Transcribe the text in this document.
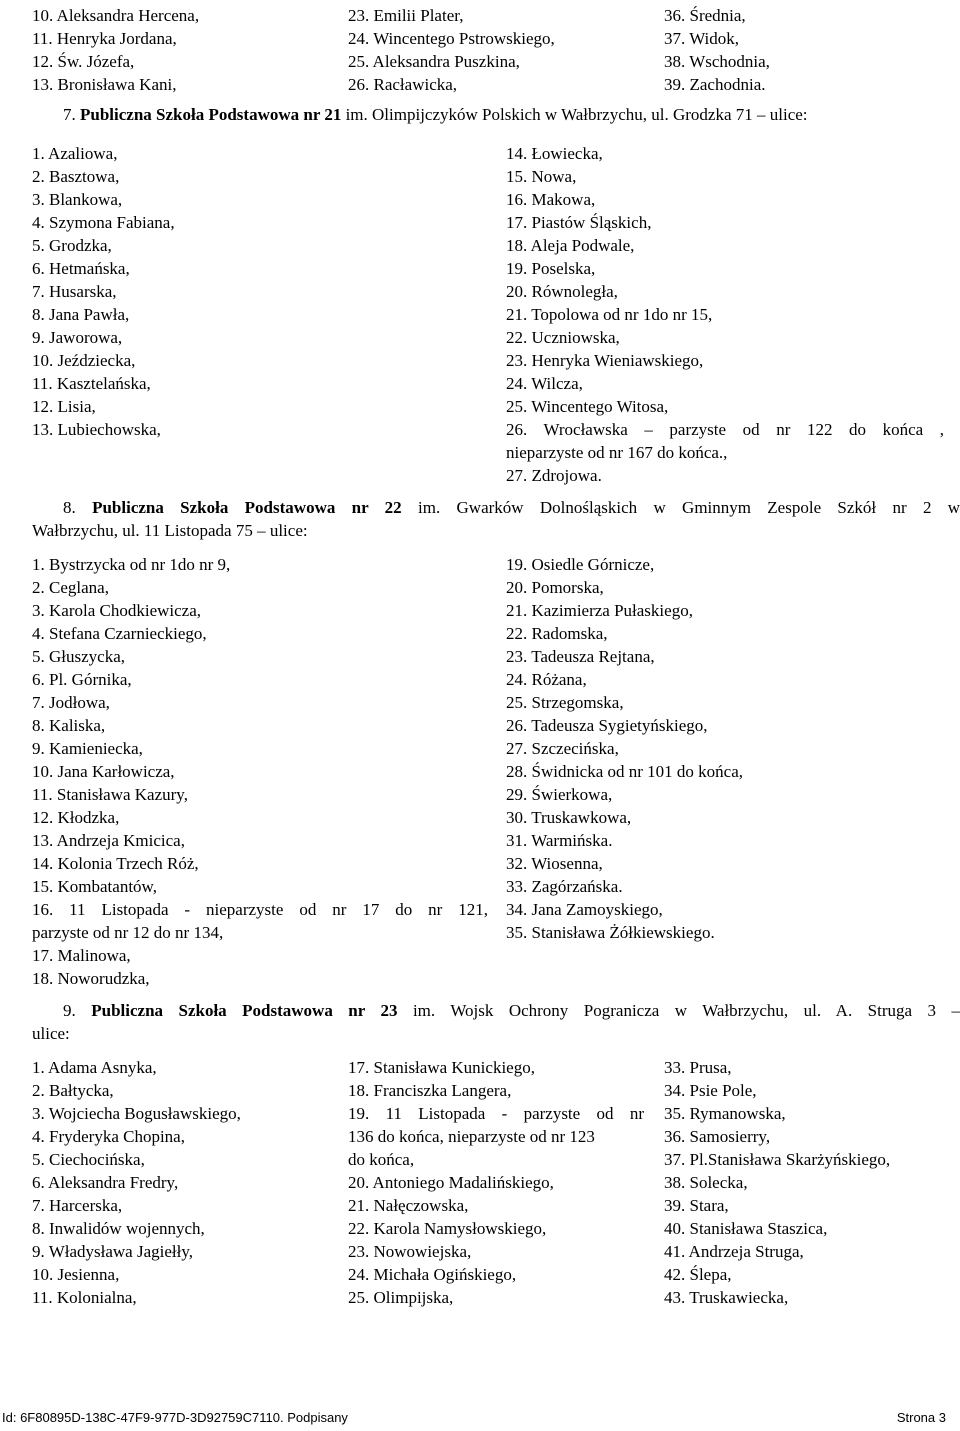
10. Aleksandra Hercena,
11. Henryka Jordana,
12. Św. Józefa,
13. Bronisława Kani,
23. Emilii Plater,
24. Wincentego Pstrowskiego,
25. Aleksandra Puszkina,
26. Racławicka,
36. Średnia,
37. Widok,
38. Wschodnia,
39. Zachodnia.
7. Publiczna Szkoła Podstawowa nr 21 im. Olimpijczyków Polskich w Wałbrzychu, ul. Grodzka 71 – ulice:
1. Azaliowa,
2. Basztowa,
3. Blankowa,
4. Szymona Fabiana,
5. Grodzka,
6. Hetmańska,
7. Husarska,
8. Jana Pawła,
9. Jaworowa,
10. Jeździecka,
11. Kasztelańska,
12. Lisia,
13. Lubiechowska,
14. Łowiecka,
15. Nowa,
16. Makowa,
17. Piastów Śląskich,
18. Aleja Podwale,
19. Poselska,
20. Równoległa,
21. Topolowa od nr 1do nr 15,
22. Uczniowska,
23. Henryka Wieniawskiego,
24. Wilcza,
25. Wincentego Witosa,
26. Wrocławska – parzyste od nr 122 do końca ,
nieparzyste od nr 167 do końca.,
27. Zdrojowa.
8. Publiczna Szkoła Podstawowa nr 22 im. Gwarków Dolnośląskich w Gminnym Zespole Szkół nr 2 w
Wałbrzychu, ul. 11 Listopada 75 – ulice:
1. Bystrzycka od nr 1do nr 9,
2. Ceglana,
3. Karola Chodkiewicza,
4. Stefana Czarnieckiego,
5. Głuszycka,
6. Pl. Górnika,
7. Jodłowa,
8. Kaliska,
9. Kamieniecka,
10. Jana Karłowicza,
11. Stanisława Kazury,
12. Kłodzka,
13. Andrzeja Kmicica,
14. Kolonia Trzech Róż,
15. Kombatantów,
16. 11 Listopada - nieparzyste od nr 17 do nr 121,
parzyste od nr 12 do nr 134,
17. Malinowa,
18. Noworudzka,
19. Osiedle Górnicze,
20. Pomorska,
21. Kazimierza Pułaskiego,
22. Radomska,
23. Tadeusza Rejtana,
24. Różana,
25. Strzegomska,
26. Tadeusza Sygietyńskiego,
27. Szczecińska,
28. Świdnicka od nr 101 do końca,
29. Świerkowa,
30. Truskawkowa,
31. Warmińska.
32. Wiosenna,
33. Zagórzańska.
34. Jana Zamoyskiego,
35. Stanisława Żółkiewskiego.
9. Publiczna Szkoła Podstawowa nr 23 im. Wojsk Ochrony Pogranicza w Wałbrzychu, ul. A. Struga 3 –
ulice:
1. Adama Asnyka,
2. Bałtycka,
3. Wojciecha Bogusławskiego,
4. Fryderyka Chopina,
5. Ciechocińska,
6. Aleksandra Fredry,
7. Harcerska,
8. Inwalidów wojennych,
9. Władysława Jagiełły,
10. Jesienna,
11. Kolonialna,
17. Stanisława Kunickiego,
18. Franciszka Langera,
19. 11 Listopada - parzyste od nr
136 do końca, nieparzyste od nr 123
do końca,
20. Antoniego Madalińskiego,
21. Nałęczowska,
22. Karola Namysłowskiego,
23. Nowowiejska,
24. Michała Ogińskiego,
25. Olimpijska,
33. Prusa,
34. Psie Pole,
35. Rymanowska,
36. Samosierry,
37. Pl.Stanisława Skarżyńskiego,
38. Solecka,
39. Stara,
40. Stanisława Staszica,
41. Andrzeja Struga,
42. Ślepa,
43. Truskawiecka,
Id: 6F80895D-138C-47F9-977D-3D92759C7110. Podpisany	Strona 3
